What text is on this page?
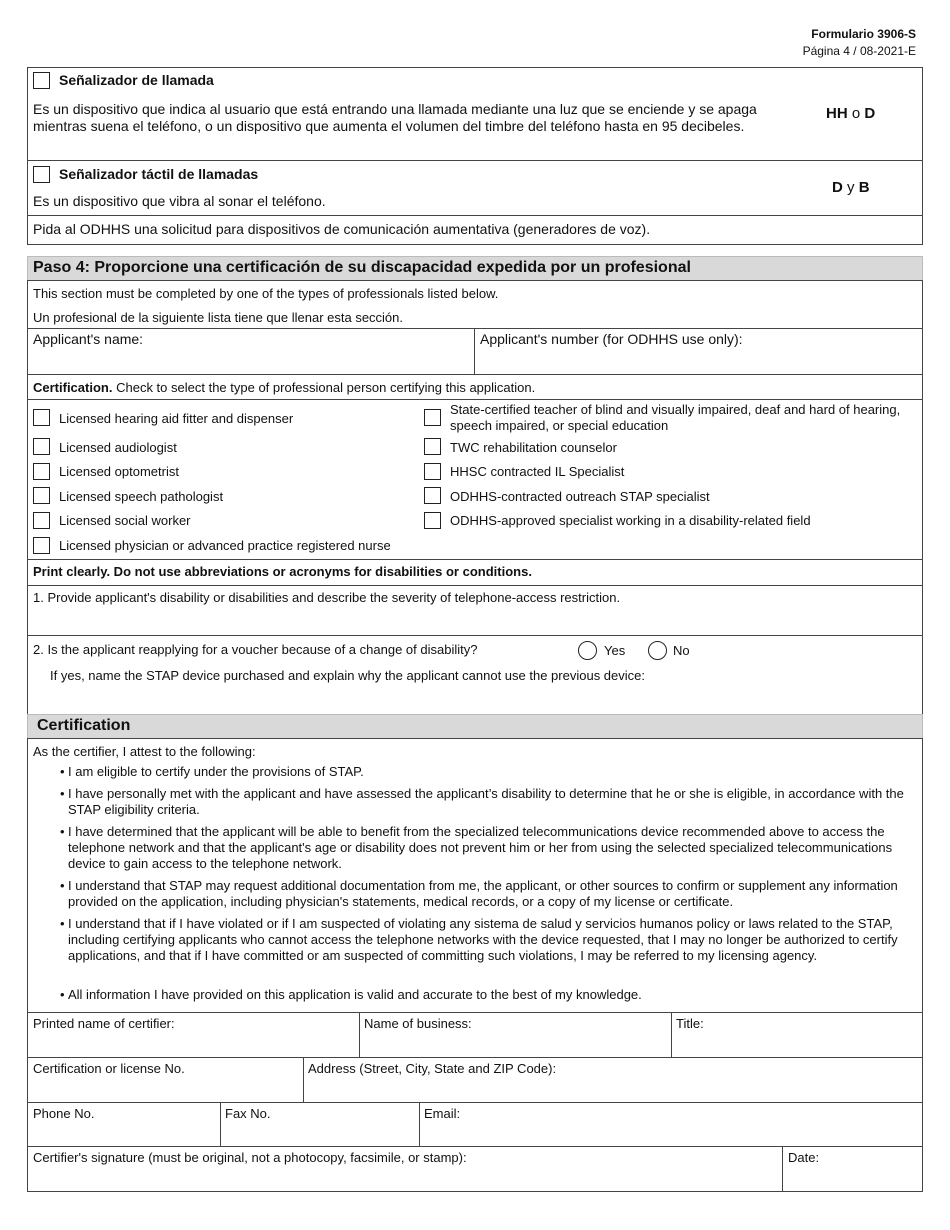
Formulario 3906-S
Página 4 / 08-2021-E
Señalizador de llamada
Es un dispositivo que indica al usuario que está entrando una llamada mediante una luz que se enciende y se apaga mientras suena el teléfono, o un dispositivo que aumenta el volumen del timbre del teléfono hasta en 95 decibeles.
HH o D
Señalizador táctil de llamadas
Es un dispositivo que vibra al sonar el teléfono.
D y B
Pida al ODHHS una solicitud para dispositivos de comunicación aumentativa (generadores de voz).
Paso 4: Proporcione una certificación de su discapacidad expedida por un profesional
This section must be completed by one of the types of professionals listed below.
Un profesional de la siguiente lista tiene que llenar esta sección.
Applicant's name:	Applicant's number (for ODHHS use only):
Certification. Check to select the type of professional person certifying this application.
Licensed hearing aid fitter and dispenser
Licensed audiologist
Licensed optometrist
Licensed speech pathologist
Licensed social worker
Licensed physician or advanced practice registered nurse
State-certified teacher of blind and visually impaired, deaf and hard of hearing, speech impaired, or special education
TWC rehabilitation counselor
HHSC contracted IL Specialist
ODHHS-contracted outreach STAP specialist
ODHHS-approved specialist working in a disability-related field
Print clearly. Do not use abbreviations or acronyms for disabilities or conditions.
1. Provide applicant's disability or disabilities and describe the severity of telephone-access restriction.
2. Is the applicant reapplying for a voucher because of a change of disability?	Yes	No
If yes, name the STAP device purchased and explain why the applicant cannot use the previous device:
Certification
As the certifier, I attest to the following:
• I am eligible to certify under the provisions of STAP.
• I have personally met with the applicant and have assessed the applicant’s disability to determine that he or she is eligible, in accordance with the STAP eligibility criteria.
• I have determined that the applicant will be able to benefit from the specialized telecommunications device recommended above to access the telephone network and that the applicant's age or disability does not prevent him or her from using the selected specialized telecommunications device to gain access to the telephone network.
• I understand that STAP may request additional documentation from me, the applicant, or other sources to confirm or supplement any information provided on the application, including physician's statements, medical records, or a copy of my license or certificate.
• I understand that if I have violated or if I am suspected of violating any sistema de salud y servicios humanos policy or laws related to the STAP, including certifying applicants who cannot access the telephone networks with the device requested, that I may no longer be authorized to certify applications, and that if I have committed or am suspected of committing such violations, I may be referred to my licensing agency.
• All information I have provided on this application is valid and accurate to the best of my knowledge.
Printed name of certifier:	Name of business:	Title:
Certification or license No.	Address (Street, City, State and ZIP Code):
Phone No.	Fax No.	Email:
Certifier's signature (must be original, not a photocopy, facsimile, or stamp):	Date:
